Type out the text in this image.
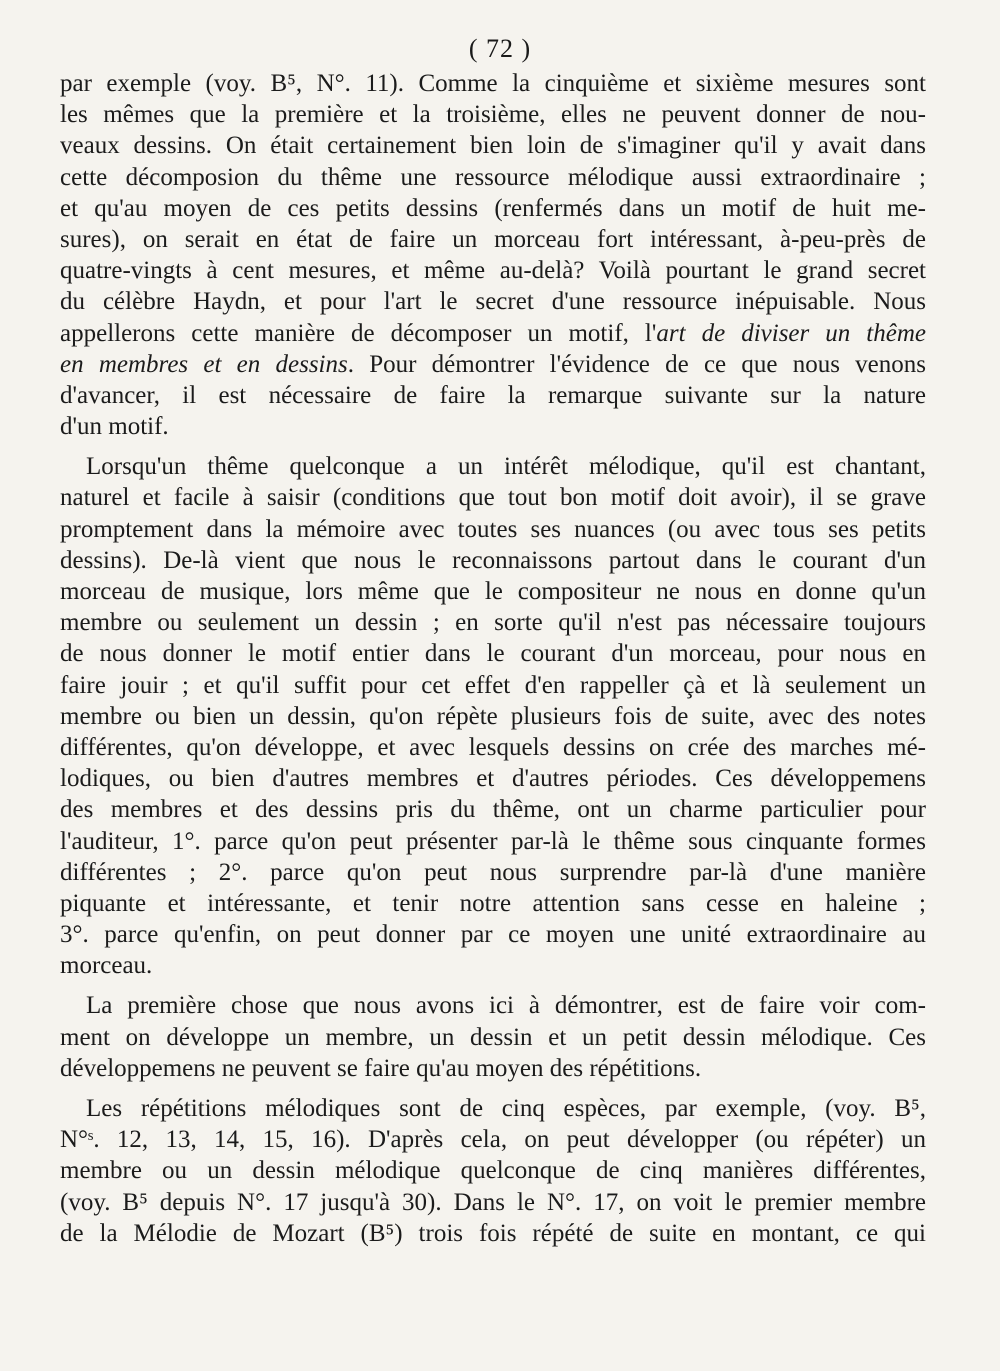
( 72 )
par exemple (voy. B⁵, N°. 11). Comme la cinquième et sixième mesures sont
les mêmes que la première et la troisième, elles ne peuvent donner de nou-
veaux dessins. On était certainement bien loin de s'imaginer qu'il y avait dans
cette décomposion du thême une ressource mélodique aussi extraordinaire ;
et qu'au moyen de ces petits dessins (renfermés dans un motif de huit me-
sures), on serait en état de faire un morceau fort intéressant, à-peu-près de
quatre-vingts à cent mesures, et même au-delà? Voilà pourtant le grand secret
du célèbre Haydn, et pour l'art le secret d'une ressource inépuisable. Nous
appellerons cette manière de décomposer un motif, l'art de diviser un thême
en membres et en dessins. Pour démontrer l'évidence de ce que nous venons
d'avancer, il est nécessaire de faire la remarque suivante sur la nature
d'un motif.
Lorsqu'un thême quelconque a un intérêt mélodique, qu'il est chantant,
naturel et facile à saisir (conditions que tout bon motif doit avoir), il se grave
promptement dans la mémoire avec toutes ses nuances (ou avec tous ses petits
dessins). De-là vient que nous le reconnaissons partout dans le courant d'un
morceau de musique, lors même que le compositeur ne nous en donne qu'un
membre ou seulement un dessin ; en sorte qu'il n'est pas nécessaire toujours
de nous donner le motif entier dans le courant d'un morceau, pour nous en
faire jouir ; et qu'il suffit pour cet effet d'en rappeller çà et là seulement un
membre ou bien un dessin, qu'on répète plusieurs fois de suite, avec des notes
différentes, qu'on développe, et avec lesquels dessins on crée des marches mé-
lodiques, ou bien d'autres membres et d'autres périodes. Ces développemens
des membres et des dessins pris du thême, ont un charme particulier pour
l'auditeur, 1°. parce qu'on peut présenter par-là le thême sous cinquante formes
différentes ; 2°. parce qu'on peut nous surprendre par-là d'une manière
piquante et intéressante, et tenir notre attention sans cesse en haleine ;
3°. parce qu'enfin, on peut donner par ce moyen une unité extraordinaire au
morceau.
La première chose que nous avons ici à démontrer, est de faire voir com-
ment on développe un membre, un dessin et un petit dessin mélodique. Ces
développemens ne peuvent se faire qu'au moyen des répétitions.
Les répétitions mélodiques sont de cinq espèces, par exemple, (voy. B⁵,
N°ˢ. 12, 13, 14, 15, 16). D'après cela, on peut développer (ou répéter) un
membre ou un dessin mélodique quelconque de cinq manières différentes,
(voy. B⁵ depuis N°. 17 jusqu'à 30). Dans le N°. 17, on voit le premier membre
de la Mélodie de Mozart (B⁵) trois fois répété de suite en montant, ce qui
